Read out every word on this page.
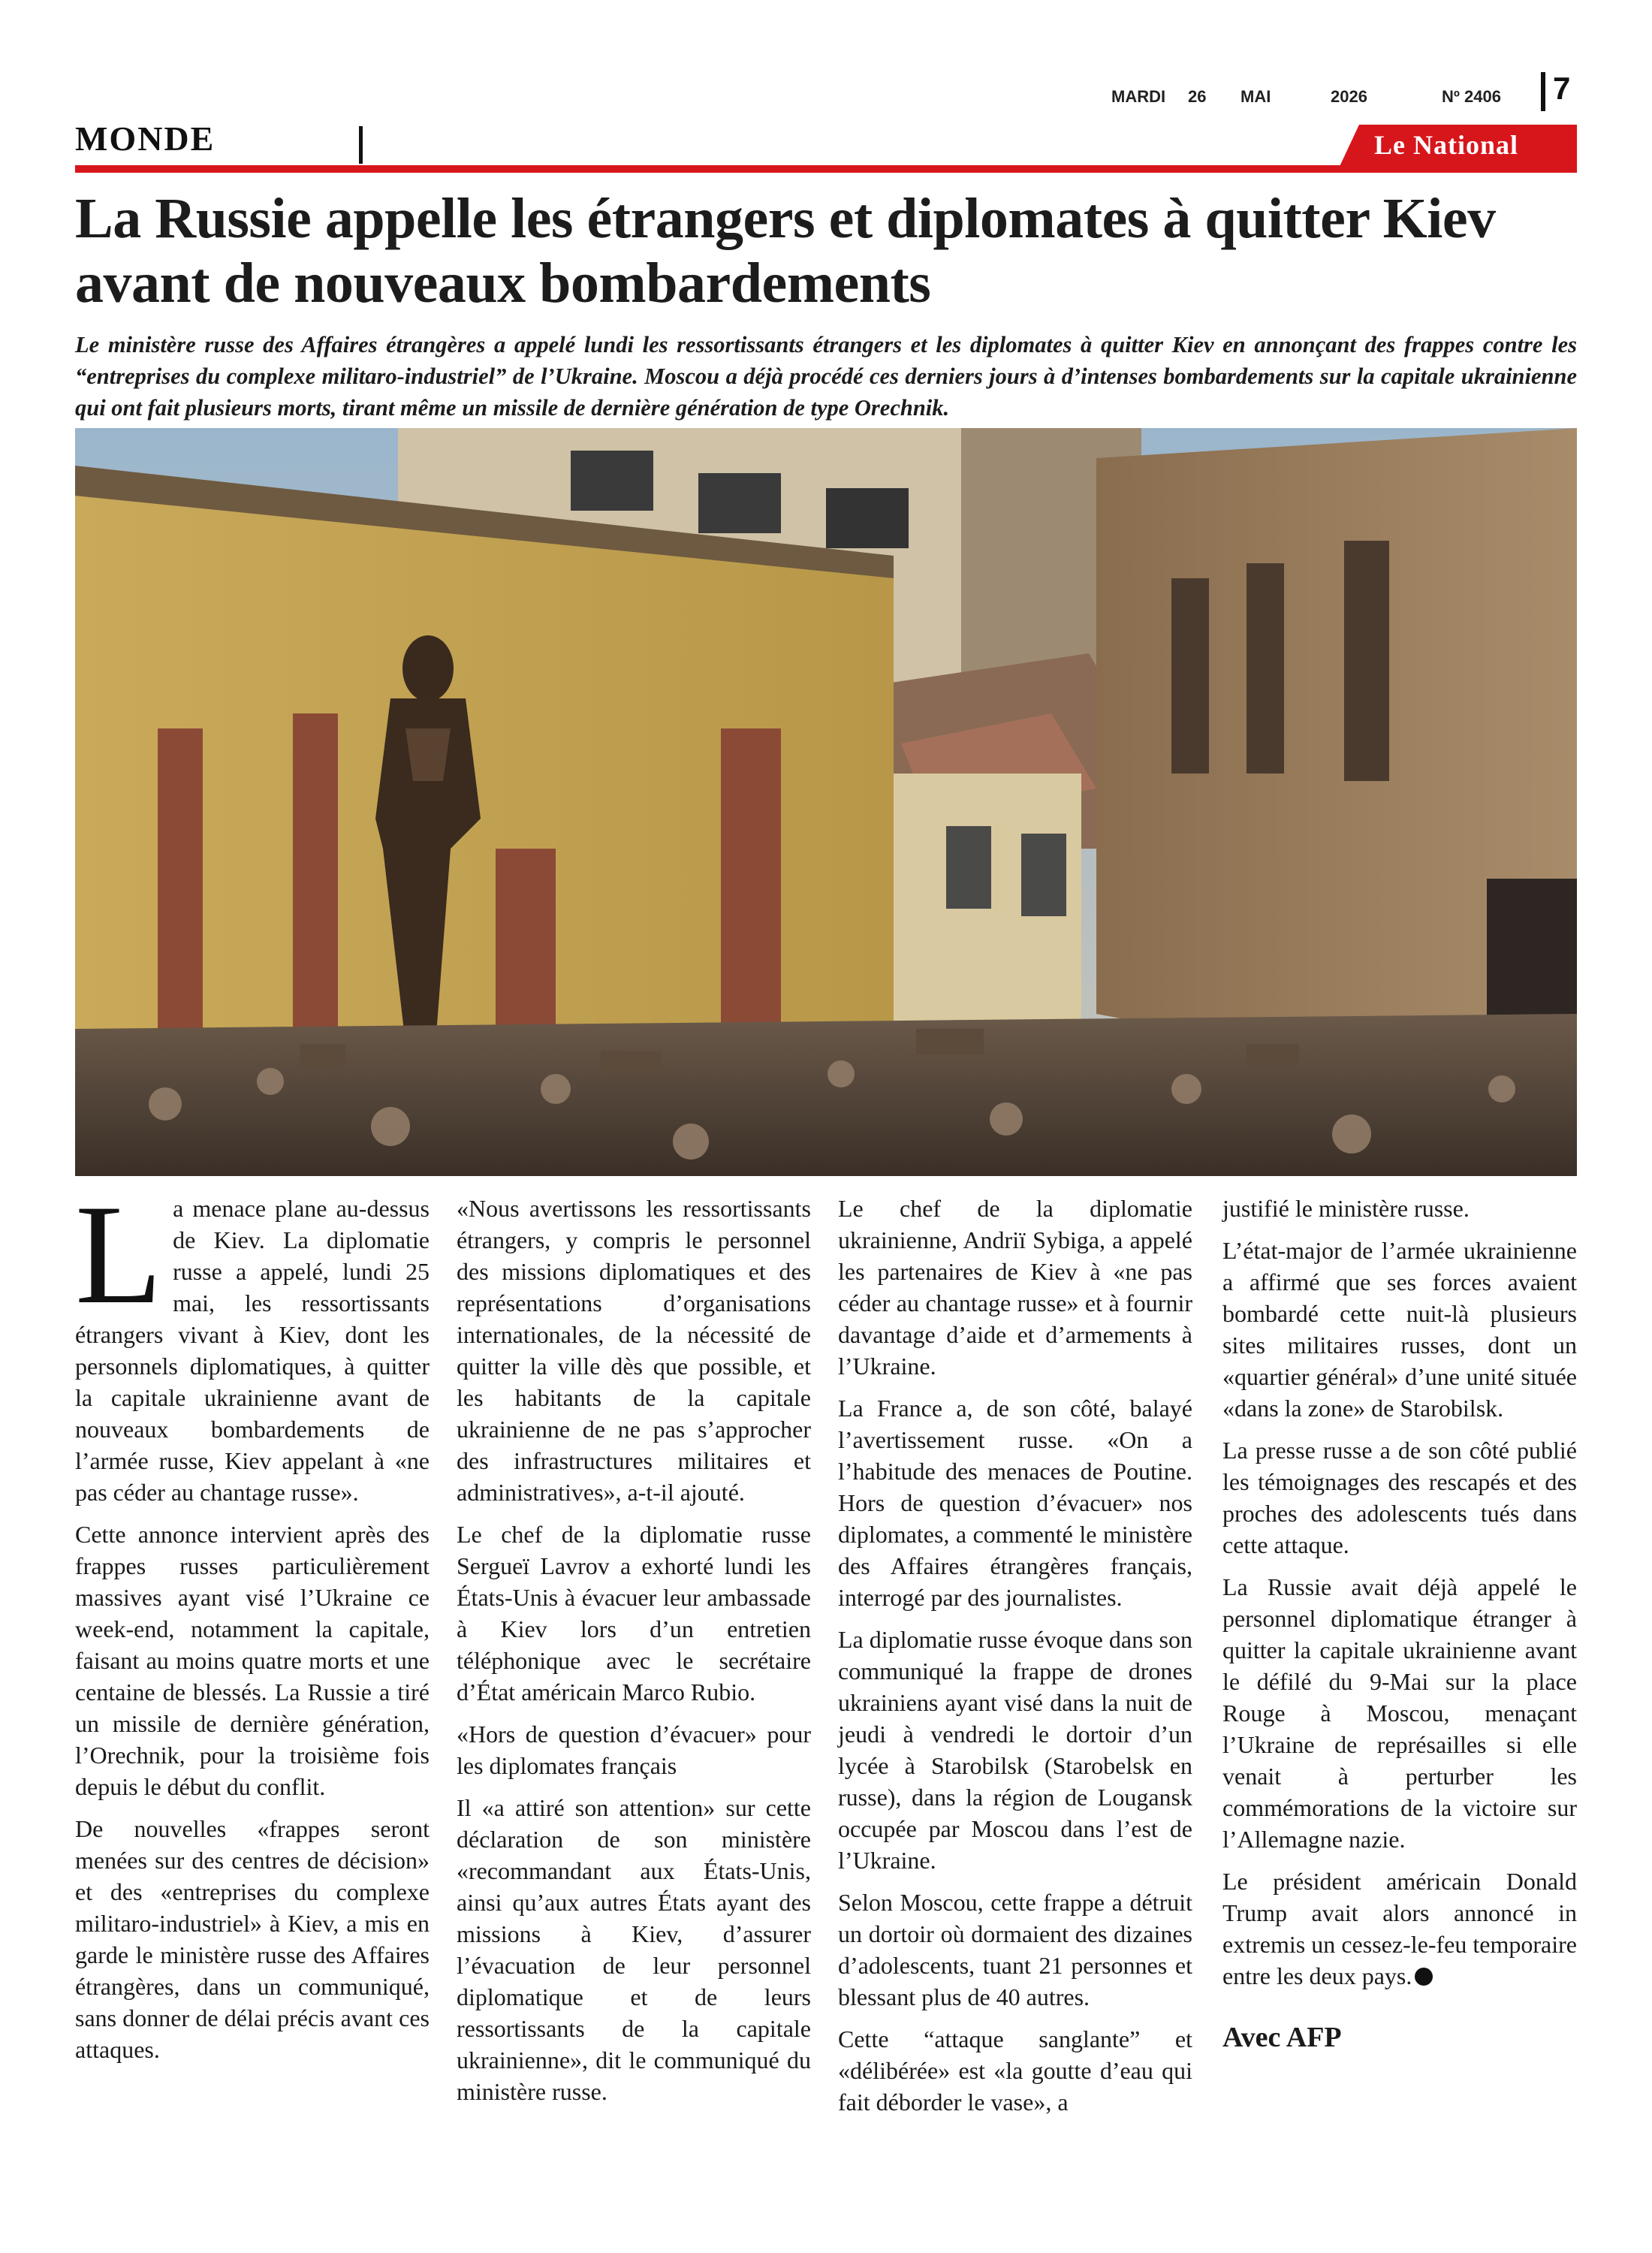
MARDI 26 MAI	2026	Nº 2406 7
MONDE	Le National
La Russie appelle les étrangers et diplomates à quitter Kiev avant de nouveaux bombardements

Le ministère russe des Affaires étrangères a appelé lundi les ressortissants étrangers et les diplomates à quitter Kiev en annonçant des frappes contre les “entreprises du complexe militaro-industriel” de l’Ukraine. Moscou a déjà procédé ces derniers jours à d’intenses bombardements sur la capitale ukrainienne qui ont fait plusieurs morts, tirant même un missile de dernière génération de type Orechnik.

La menace plane au-dessus de Kiev. La diplomatie russe a appelé, lundi 25 mai, les ressortissants étrangers vivant à Kiev, dont les personnels diplomatiques, à quitter la capitale ukrainienne avant de nouveaux bombardements de l’armée russe, Kiev appelant à «ne pas céder au chantage russe».

Cette annonce intervient après des frappes russes particulièrement massives ayant visé l’Ukraine ce week-end, notamment la capitale, faisant au moins quatre morts et une centaine de blessés. La Russie a tiré un missile de dernière génération, l’Orechnik, pour la troisième fois depuis le début du conflit.

De nouvelles «frappes seront menées sur des centres de décision» et des «entreprises du complexe militaro-industriel» à Kiev, a mis en garde le ministère russe des Affaires étrangères, dans un communiqué, sans donner de délai précis avant ces attaques.

«Nous avertissons les ressortissants étrangers, y compris le personnel des missions diplomatiques et des représentations d’organisations internationales, de la nécessité de quitter la ville dès que possible, et les habitants de la capitale ukrainienne de ne pas s’approcher des infrastructures militaires et administratives», a-t-il ajouté.

Le chef de la diplomatie russe Sergueï Lavrov a exhorté lundi les États-Unis à évacuer leur ambassade à Kiev lors d’un entretien téléphonique avec le secrétaire d’État américain Marco Rubio.

«Hors de question d’évacuer» pour les diplomates français

Il «a attiré son attention» sur cette déclaration de son ministère «recommandant aux États-Unis, ainsi qu’aux autres États ayant des missions à Kiev, d’assurer l’évacuation de leur personnel diplomatique et de leurs ressortissants de la capitale ukrainienne», dit le communiqué du ministère russe.

Le chef de la diplomatie ukrainienne, Andriï Sybiga, a appelé les partenaires de Kiev à «ne pas céder au chantage russe» et à fournir davantage d’aide et d’armements à l’Ukraine.

La France a, de son côté, balayé l’avertissement russe. «On a l’habitude des menaces de Poutine. Hors de question d’évacuer» nos diplomates, a commenté le ministère des Affaires étrangères français, interrogé par des journalistes.

La diplomatie russe évoque dans son communiqué la frappe de drones ukrainiens ayant visé dans la nuit de jeudi à vendredi le dortoir d’un lycée à Starobilsk (Starobelsk en russe), dans la région de Lougansk occupée par Moscou dans l’est de l’Ukraine.

Selon Moscou, cette frappe a détruit un dortoir où dormaient des dizaines d’adolescents, tuant 21 personnes et blessant plus de 40 autres.

Cette “attaque sanglante” et «délibérée» est «la goutte d’eau qui fait déborder le vase», a

justifié le ministère russe.

L’état-major de l’armée ukrainienne a affirmé que ses forces avaient bombardé cette nuit-là plusieurs sites militaires russes, dont un «quartier général» d’une unité située «dans la zone» de Starobilsk.

La presse russe a de son côté publié les témoignages des rescapés et des proches des adolescents tués dans cette attaque.

La Russie avait déjà appelé le personnel diplomatique étranger à quitter la capitale ukrainienne avant le défilé du 9-Mai sur la place Rouge à Moscou, menaçant l’Ukraine de représailles si elle venait à perturber les commémorations de la victoire sur l’Allemagne nazie.

Le président américain Donald Trump avait alors annoncé in extremis un cessez-le-feu temporaire entre les deux pays.

Avec AFP
